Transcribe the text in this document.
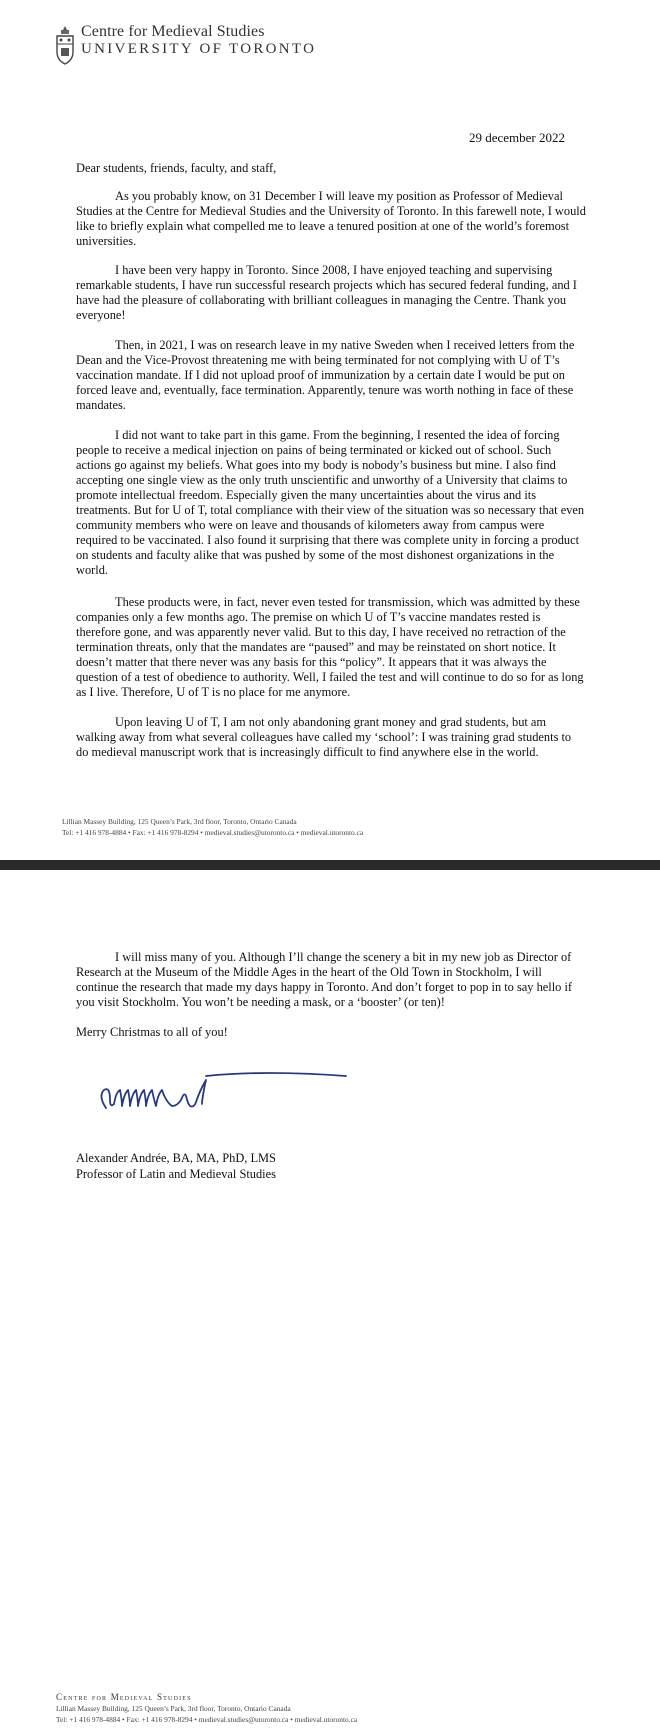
Centre for Medieval Studies
UNIVERSITY OF TORONTO
29 december 2022
Dear students, friends, faculty, and staff,

As you probably know, on 31 December I will leave my position as Professor of Medieval Studies at the Centre for Medieval Studies and the University of Toronto. In this farewell note, I would like to briefly explain what compelled me to leave a tenured position at one of the world’s foremost universities.

I have been very happy in Toronto. Since 2008, I have enjoyed teaching and supervising remarkable students, I have run successful research projects which has secured federal funding, and I have had the pleasure of collaborating with brilliant colleagues in managing the Centre. Thank you everyone!

Then, in 2021, I was on research leave in my native Sweden when I received letters from the Dean and the Vice-Provost threatening me with being terminated for not complying with U of T’s vaccination mandate. If I did not upload proof of immunization by a certain date I would be put on forced leave and, eventually, face termination. Apparently, tenure was worth nothing in face of these mandates.

I did not want to take part in this game. From the beginning, I resented the idea of forcing people to receive a medical injection on pains of being terminated or kicked out of school. Such actions go against my beliefs. What goes into my body is nobody’s business but mine. I also find accepting one single view as the only truth unscientific and unworthy of a University that claims to promote intellectual freedom. Especially given the many uncertainties about the virus and its treatments. But for U of T, total compliance with their view of the situation was so necessary that even community members who were on leave and thousands of kilometers away from campus were required to be vaccinated. I also found it surprising that there was complete unity in forcing a product on students and faculty alike that was pushed by some of the most dishonest organizations in the world.

These products were, in fact, never even tested for transmission, which was admitted by these companies only a few months ago. The premise on which U of T’s vaccine mandates rested is therefore gone, and was apparently never valid. But to this day, I have received no retraction of the termination threats, only that the mandates are “paused” and may be reinstated on short notice. It doesn’t matter that there never was any basis for this “policy”. It appears that it was always the question of a test of obedience to authority. Well, I failed the test and will continue to do so for as long as I live. Therefore, U of T is no place for me anymore.

Upon leaving U of T, I am not only abandoning grant money and grad students, but am walking away from what several colleagues have called my ‘school’: I was training grad students to do medieval manuscript work that is increasingly difficult to find anywhere else in the world.

Lillian Massey Building, 125 Queen’s Park, 3rd floor, Toronto, Ontario Canada
Tel: +1 416 978-4884 • Fax: +1 416 978-8294 • medieval.studies@utoronto.ca • medieval.utoronto.ca

I will miss many of you. Although I’ll change the scenery a bit in my new job as Director of Research at the Museum of the Middle Ages in the heart of the Old Town in Stockholm, I will continue the research that made my days happy in Toronto. And don’t forget to pop in to say hello if you visit Stockholm. You won’t be needing a mask, or a ‘booster’ (or ten)!

Merry Christmas to all of you!
Alexander Andrée, BA, MA, PhD, LMS
Professor of Latin and Medieval Studies
Centre for Medieval Studies
Lillian Massey Building, 125 Queen’s Park, 3rd floor, Toronto, Ontario Canada
Tel: +1 416 978-4884 • Fax: +1 416 978-8294 • medieval.studies@utoronto.ca • medieval.utoronto.ca
